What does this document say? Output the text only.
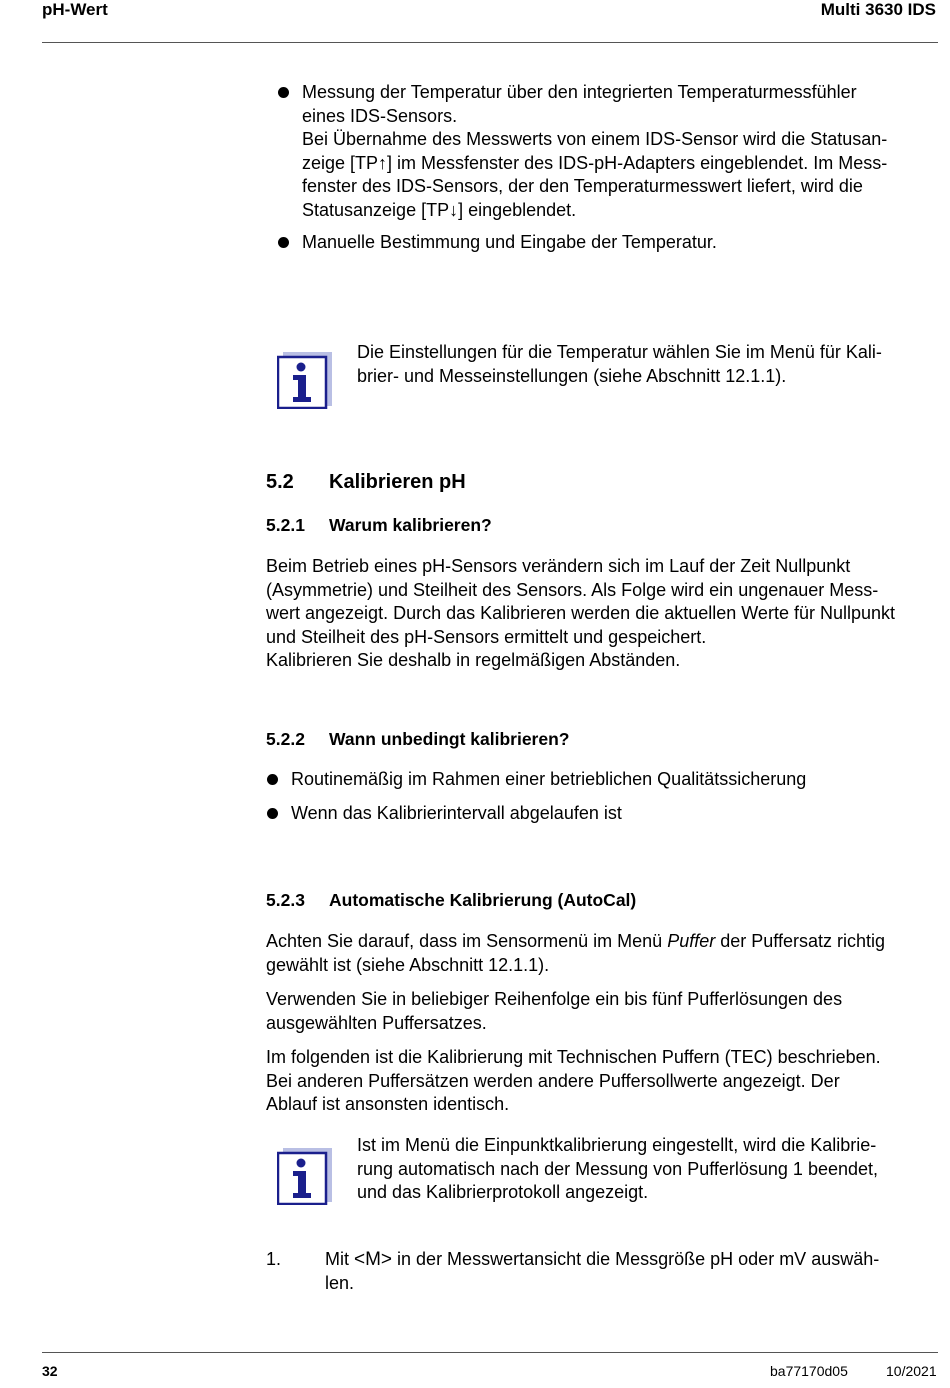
pH-Wert	Multi 3630 IDS
Messung der Temperatur über den integrierten Temperaturmessfühler
eines IDS-Sensors.
Bei Übernahme des Messwerts von einem IDS-Sensor wird die Statusan-
zeige [TP↑] im Messfenster des IDS-pH-Adapters eingeblendet. Im Mess-
fenster des IDS-Sensors, der den Temperaturmesswert liefert, wird die
Statusanzeige [TP↓] eingeblendet.
Manuelle Bestimmung und Eingabe der Temperatur.
Die Einstellungen für die Temperatur wählen Sie im Menü für Kali-
brier- und Messeinstellungen (siehe Abschnitt 12.1.1).
5.2 Kalibrieren pH
5.2.1 Warum kalibrieren?
Beim Betrieb eines pH-Sensors verändern sich im Lauf der Zeit Nullpunkt
(Asymmetrie) und Steilheit des Sensors. Als Folge wird ein ungenauer Mess-
wert angezeigt. Durch das Kalibrieren werden die aktuellen Werte für Nullpunkt
und Steilheit des pH-Sensors ermittelt und gespeichert.
Kalibrieren Sie deshalb in regelmäßigen Abständen.
5.2.2 Wann unbedingt kalibrieren?
Routinemäßig im Rahmen einer betrieblichen Qualitätssicherung
Wenn das Kalibrierintervall abgelaufen ist
5.2.3 Automatische Kalibrierung (AutoCal)
Achten Sie darauf, dass im Sensormenü im Menü Puffer der Puffersatz richtig
gewählt ist (siehe Abschnitt 12.1.1).
Verwenden Sie in beliebiger Reihenfolge ein bis fünf Pufferlösungen des
ausgewählten Puffersatzes.
Im folgenden ist die Kalibrierung mit Technischen Puffern (TEC) beschrieben.
Bei anderen Puffersätzen werden andere Puffersollwerte angezeigt. Der
Ablauf ist ansonsten identisch.
Ist im Menü die Einpunktkalibrierung eingestellt, wird die Kalibrie-
rung automatisch nach der Messung von Pufferlösung 1 beendet,
und das Kalibrierprotokoll angezeigt.
1. Mit <M> in der Messwertansicht die Messgröße pH oder mV auswäh-
len.
32	ba77170d05	10/2021
